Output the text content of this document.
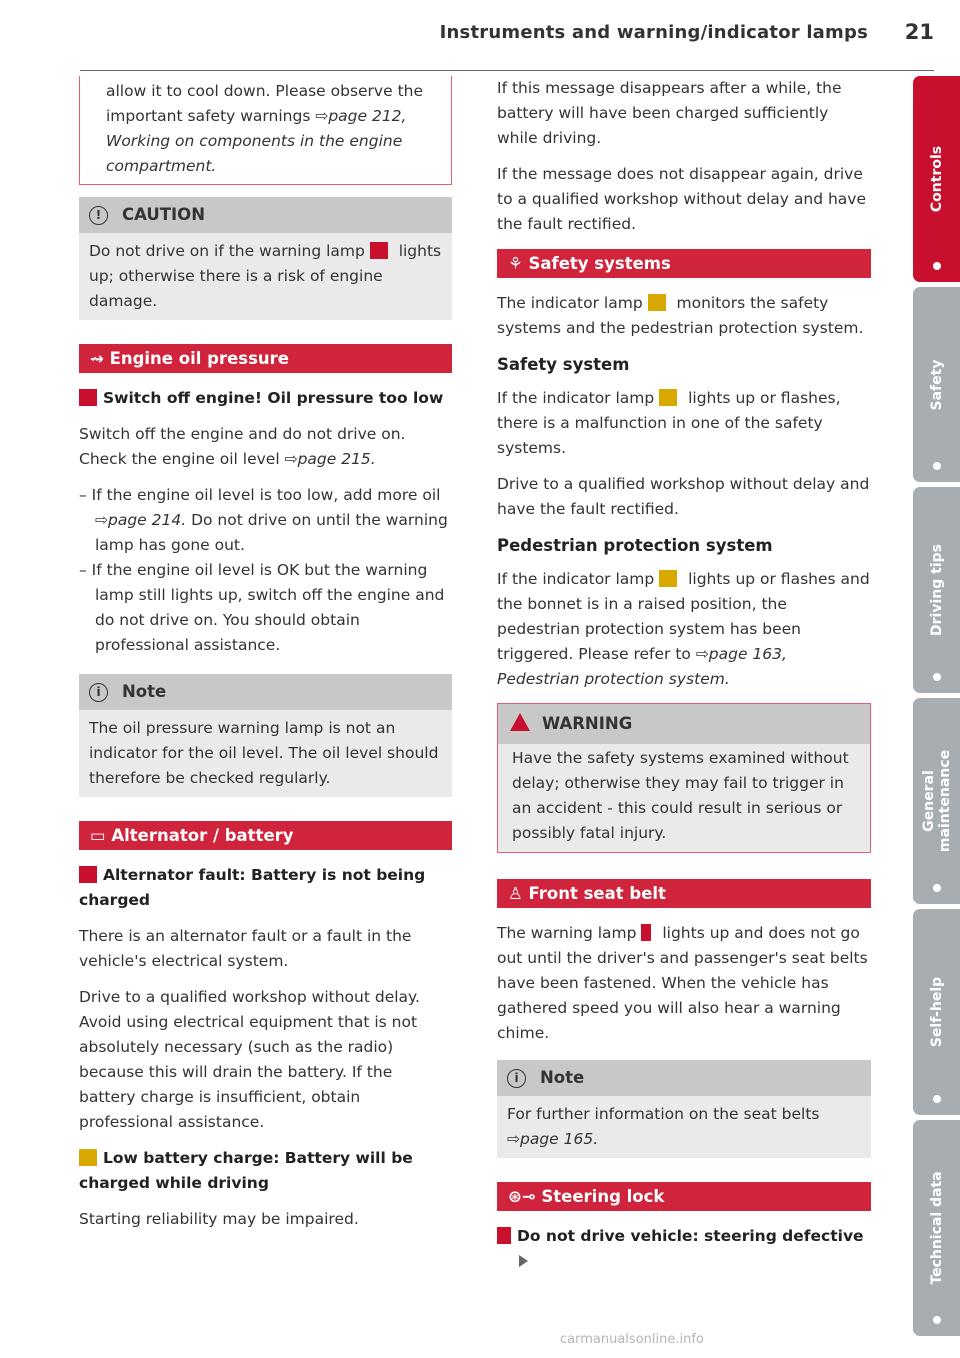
Instruments and warning/indicator lamps 21
allow it to cool down. Please observe the important safety warnings ⇨page 212, Working on components in the engine compartment.
! CAUTION
Do not drive on if the warning lamp  lights up; otherwise there is a risk of engine damage.
⇝ Engine oil pressure
Switch off engine! Oil pressure too low

Switch off the engine and do not drive on. Check the engine oil level ⇨page 215.

– If the engine oil level is too low, add more oil ⇨page 214. Do not drive on until the warning lamp has gone out.

– If the engine oil level is OK but the warning lamp still lights up, switch off the engine and do not drive on. You should obtain professional assistance.

i Note
The oil pressure warning lamp is not an indicator for the oil level. The oil level should therefore be checked regularly.
▭ Alternator / battery
Alternator fault: Battery is not being charged

There is an alternator fault or a fault in the vehicle's electrical system.

Drive to a qualified workshop without delay. Avoid using electrical equipment that is not absolutely necessary (such as the radio) because this will drain the battery. If the battery charge is insufficient, obtain professional assistance.

Low battery charge: Battery will be charged while driving

Starting reliability may be impaired.

If this message disappears after a while, the battery will have been charged sufficiently while driving.

If the message does not disappear again, drive to a qualified workshop without delay and have the fault rectified.

⚘ Safety systems

The indicator lamp  monitors the safety systems and the pedestrian protection system.

Safety system

If the indicator lamp  lights up or flashes, there is a malfunction in one of the safety systems.

Drive to a qualified workshop without delay and have the fault rectified.

Pedestrian protection system

If the indicator lamp  lights up or flashes and the bonnet is in a raised position, the pedestrian protection system has been triggered. Please refer to ⇨page 163, Pedestrian protection system.

WARNING
Have the safety systems examined without delay; otherwise they may fail to trigger in an accident - this could result in serious or possibly fatal injury.
♙ Front seat belt

The warning lamp  lights up and does not go out until the driver's and passenger's seat belts have been fastened. When the vehicle has gathered speed you will also hear a warning chime.

i Note
For further information on the seat belts ⇨page 165.
⊛⊸ Steering lock
Do not drive vehicle: steering defective
Controls
Safety
Driving tips
General maintenance
Self-help
Technical data
carmanualsonline.info
